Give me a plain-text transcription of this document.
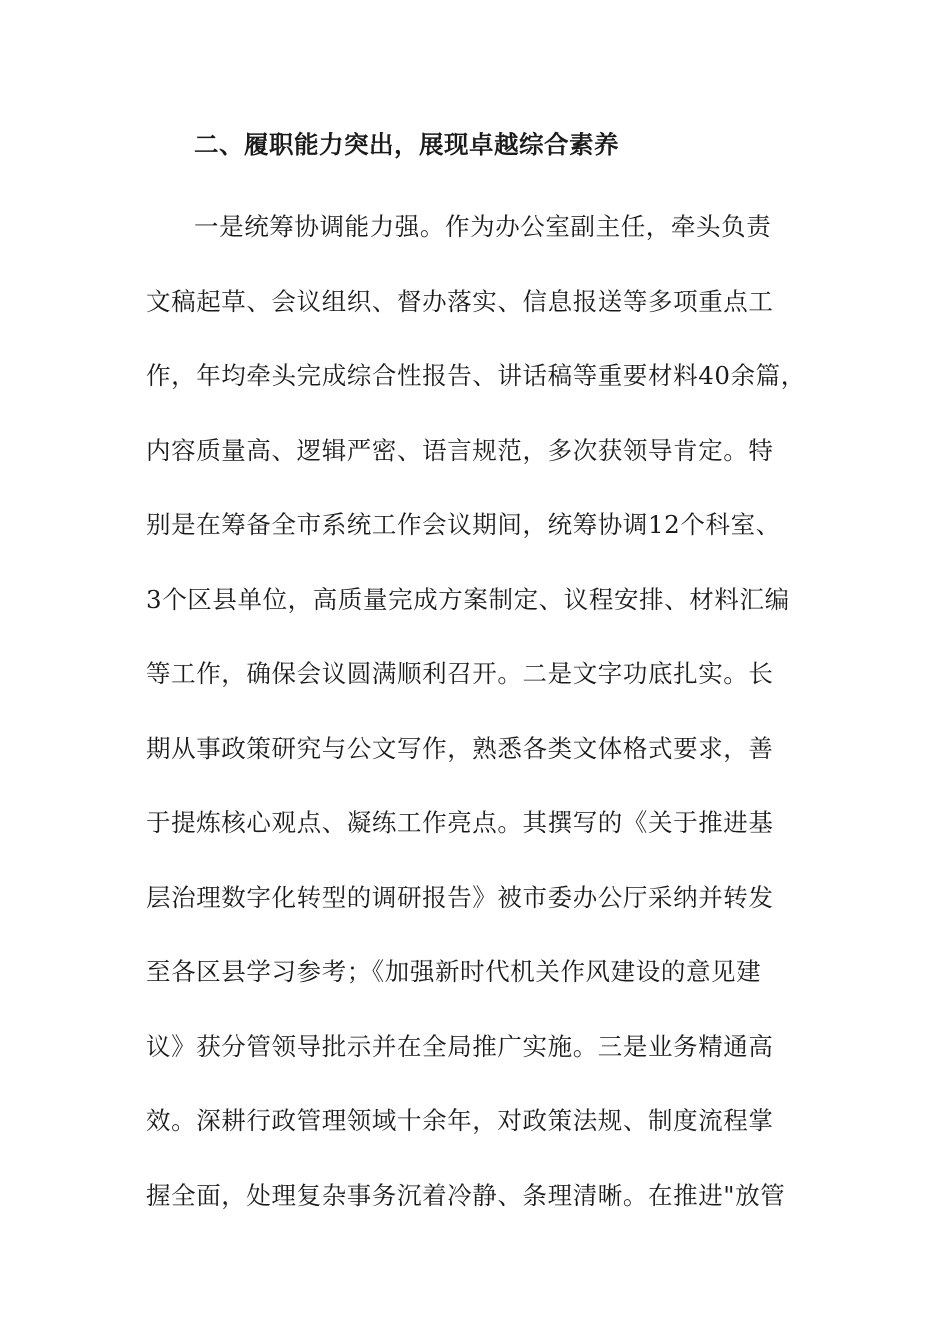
二、履职能力突出，展现卓越综合素养
一是统筹协调能力强。作为办公室副主任，牵头负责
文稿起草、会议组织、督办落实、信息报送等多项重点工
作，年均牵头完成综合性报告、讲话稿等重要材料40余篇，
内容质量高、逻辑严密、语言规范，多次获领导肯定。特
别是在筹备全市系统工作会议期间，统筹协调12个科室、
3个区县单位，高质量完成方案制定、议程安排、材料汇编
等工作，确保会议圆满顺利召开。二是文字功底扎实。长
期从事政策研究与公文写作，熟悉各类文体格式要求，善
于提炼核心观点、凝练工作亮点。其撰写的《关于推进基
层治理数字化转型的调研报告》被市委办公厅采纳并转发
至各区县学习参考；《加强新时代机关作风建设的意见建
议》获分管领导批示并在全局推广实施。三是业务精通高
效。深耕行政管理领域十余年，对政策法规、制度流程掌
握全面，处理复杂事务沉着冷静、条理清晰。在推进"放管
